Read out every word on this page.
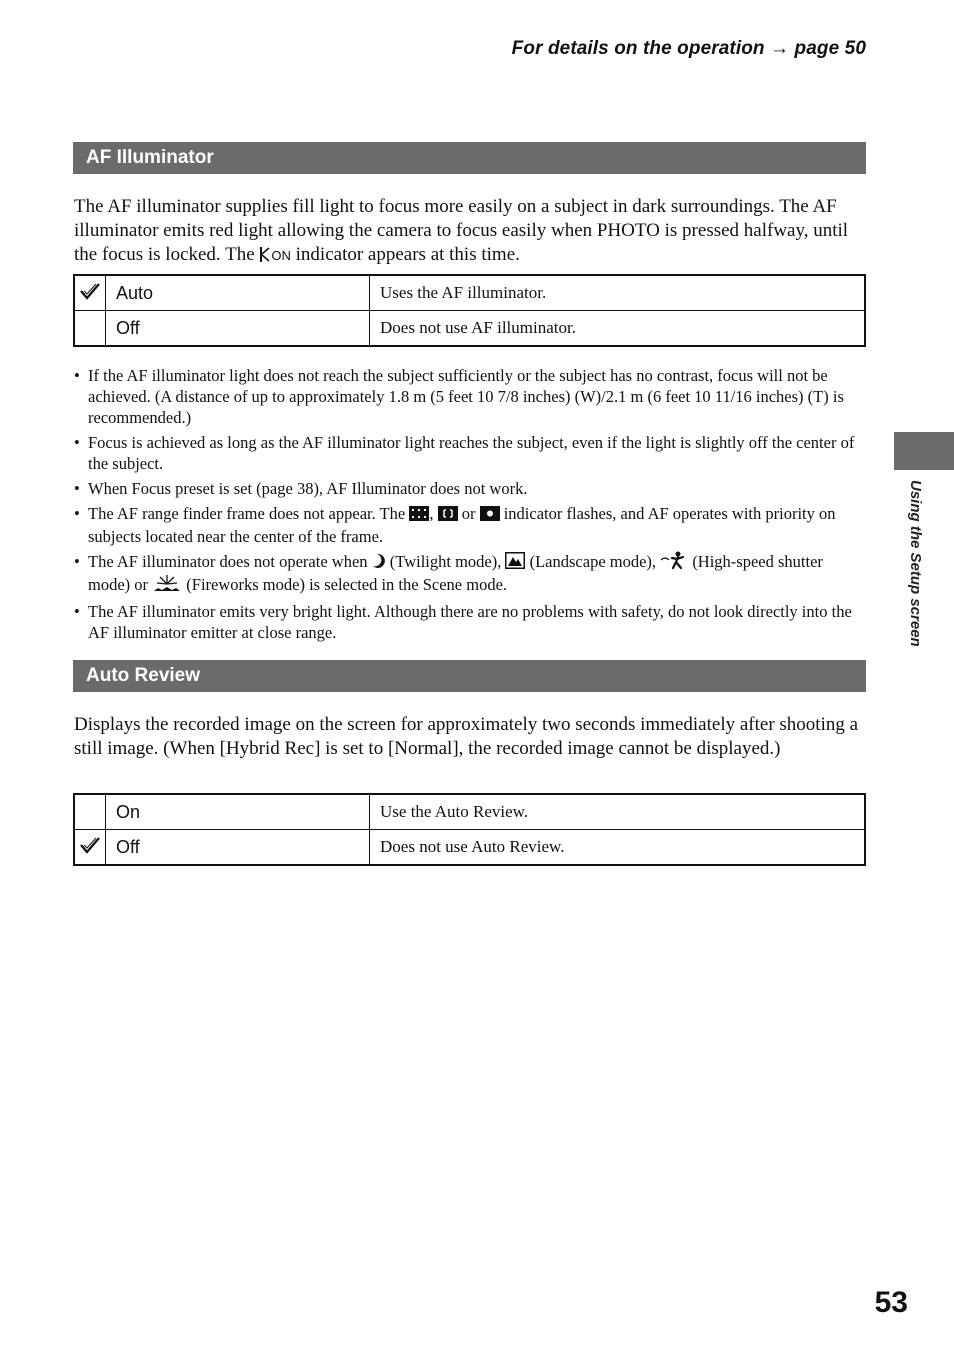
For details on the operation → page 50
AF Illuminator

The AF illuminator supplies fill light to focus more easily on a subject in dark surroundings. The AF illuminator emits red light allowing the camera to focus easily when PHOTO is pressed halfway, until the focus is locked. The ON indicator appears at this time.

	Auto	Uses the AF illuminator.
	Off	Does not use AF illuminator.
• If the AF illuminator light does not reach the subject sufficiently or the subject has no contrast, focus will not be achieved. (A distance of up to approximately 1.8 m (5 feet 10 7/8 inches) (W)/2.1 m (6 feet 10 11/16 inches) (T) is recommended.)
• Focus is achieved as long as the AF illuminator light reaches the subject, even if the light is slightly off the center of the subject.
• When Focus preset is set (page 38), AF Illuminator does not work.
• The AF range finder frame does not appear. The , or indicator flashes, and AF operates with priority on subjects located near the center of the frame.
• The AF illuminator does not operate when (Twilight mode), (Landscape mode), (High-speed shutter mode) or (Fireworks mode) is selected in the Scene mode.
• The AF illuminator emits very bright light. Although there are no problems with safety, do not look directly into the AF illuminator emitter at close range.
Auto Review

Displays the recorded image on the screen for approximately two seconds immediately after shooting a still image. (When [Hybrid Rec] is set to [Normal], the recorded image cannot be displayed.)

	On	Use the Auto Review.
	Off	Does not use Auto Review.
Using the Setup screen
53
